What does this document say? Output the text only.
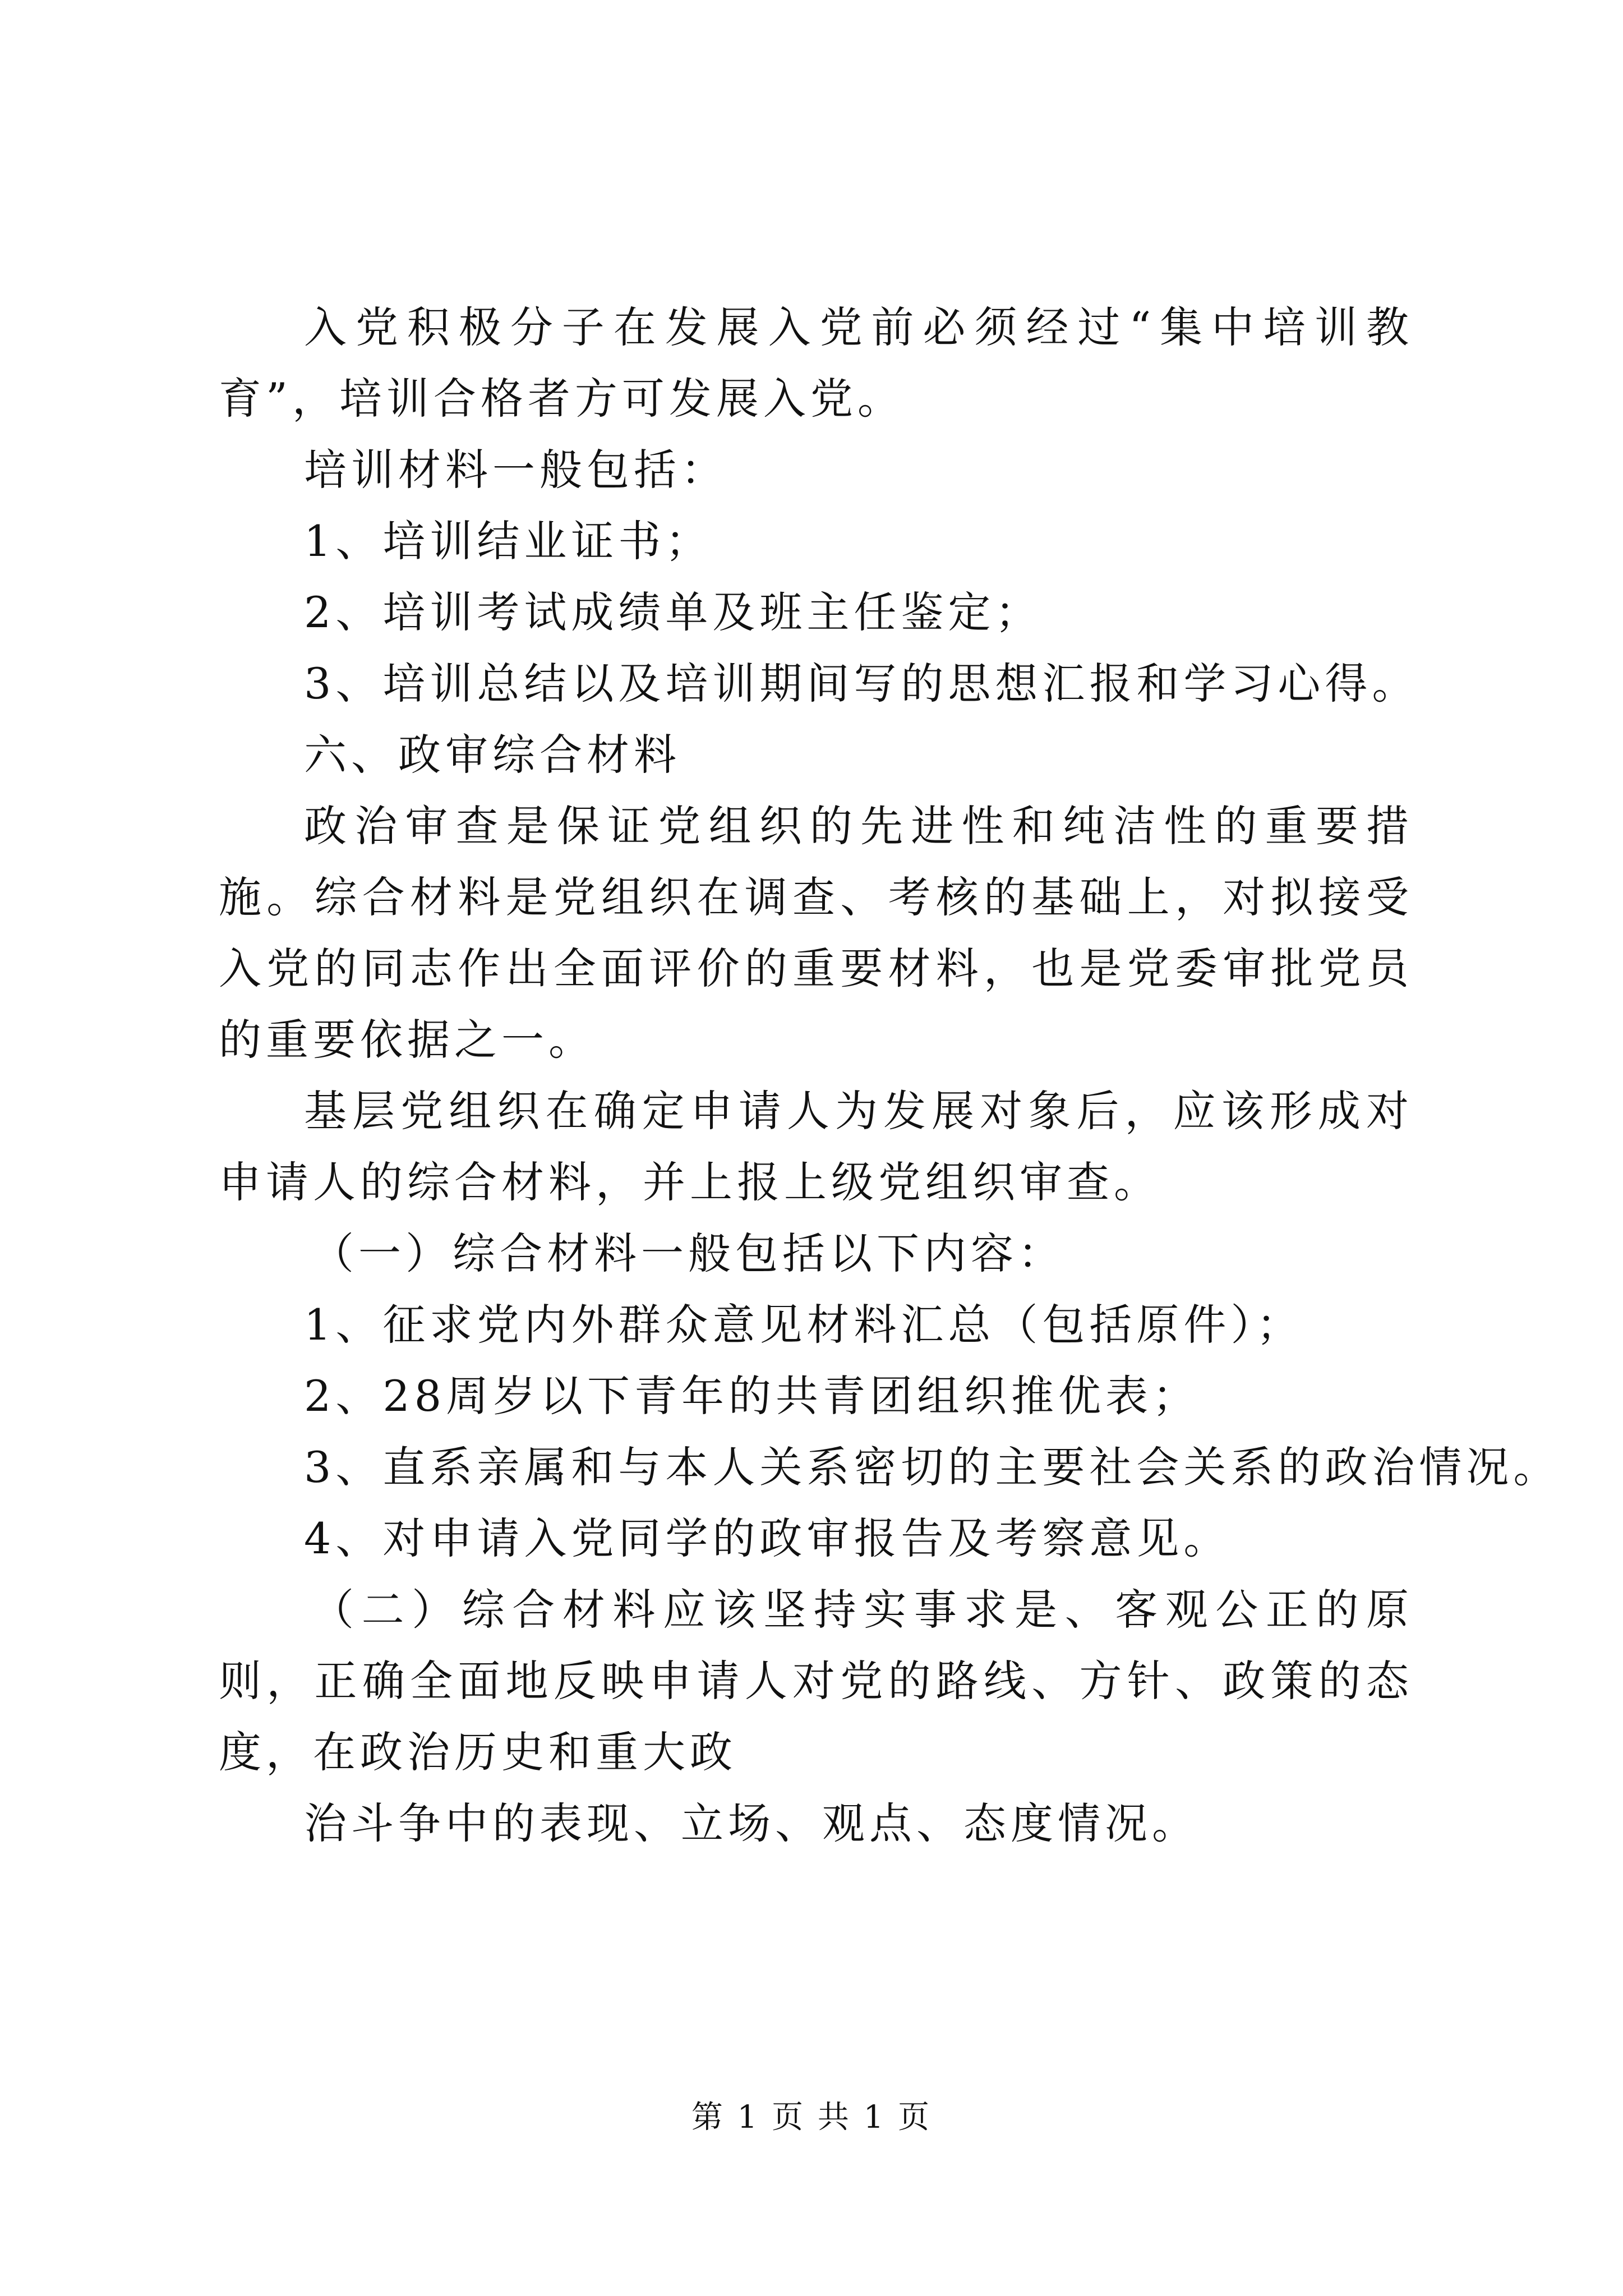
入党积极分子在发展入党前必须经过“集中培训教育”，培训合格者方可发展入党。

培训材料一般包括：

1、培训结业证书；

2、培训考试成绩单及班主任鉴定；

3、培训总结以及培训期间写的思想汇报和学习心得。

六、政审综合材料

政治审查是保证党组织的先进性和纯洁性的重要措施。综合材料是党组织在调查、考核的基础上，对拟接受入党的同志作出全面评价的重要材料，也是党委审批党员的重要依据之一。

基层党组织在确定申请人为发展对象后，应该形成对申请人的综合材料，并上报上级党组织审查。

（一）综合材料一般包括以下内容：

1、征求党内外群众意见材料汇总（包括原件）；

2、28周岁以下青年的共青团组织推优表；

3、直系亲属和与本人关系密切的主要社会关系的政治情况。

4、对申请入党同学的政审报告及考察意见。

（二）综合材料应该坚持实事求是、客观公正的原则，正确全面地反映申请人对党的路线、方针、政策的态度，在政治历史和重大政

治斗争中的表现、立场、观点、态度情况。

第 1 页 共 1 页
